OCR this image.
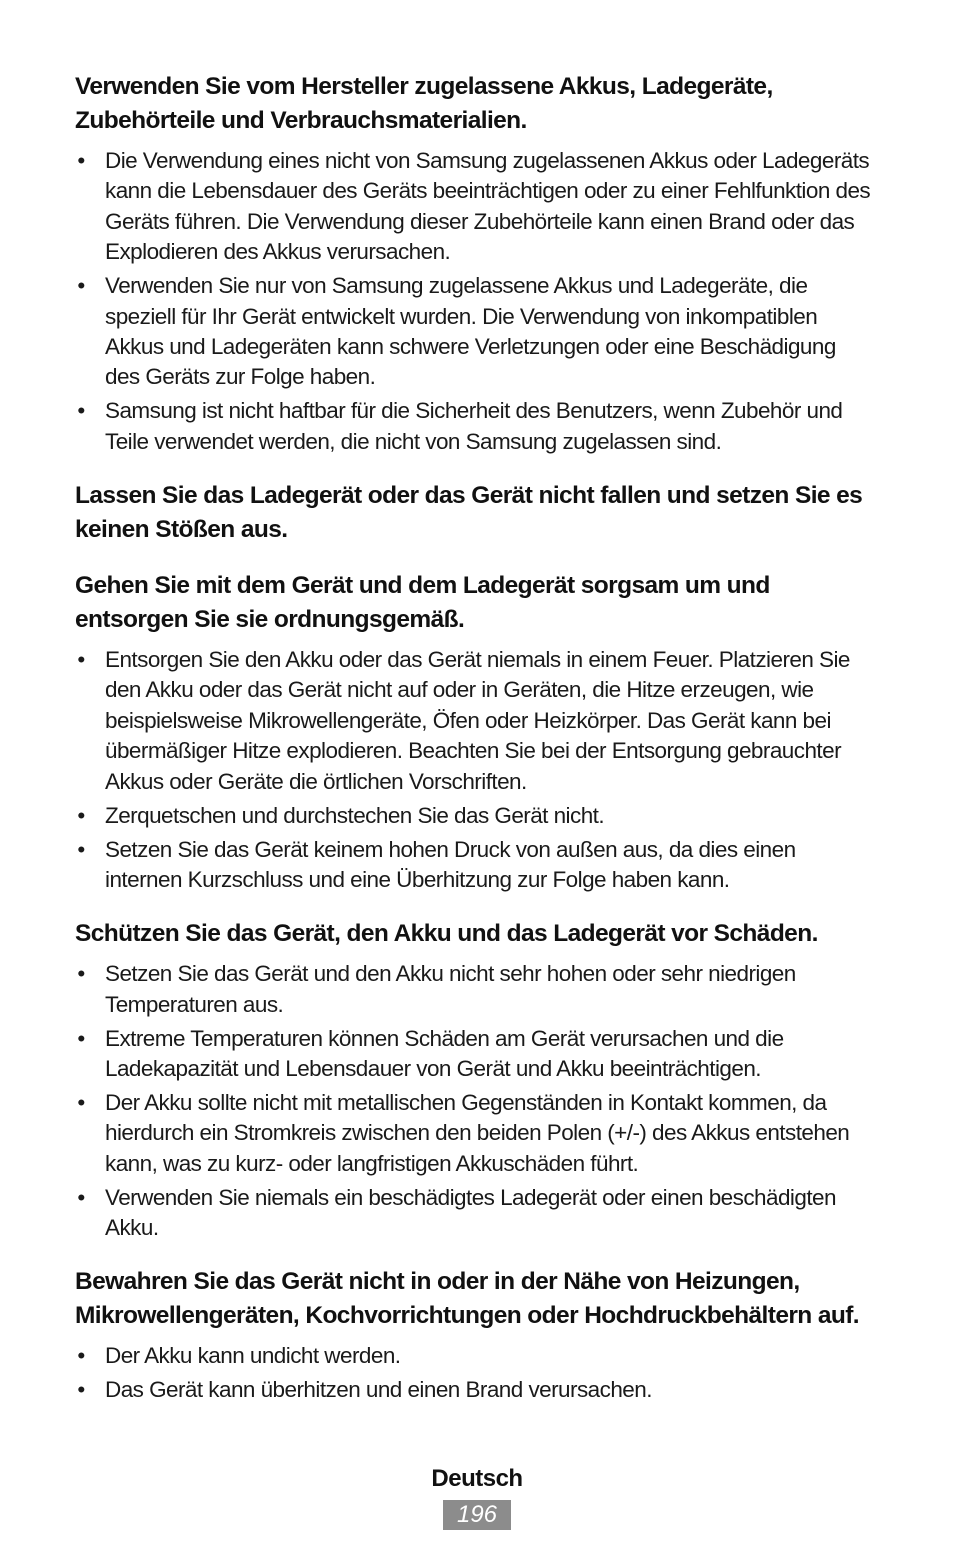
Verwenden Sie vom Hersteller zugelassene Akkus, Ladegeräte, Zubehörteile und Verbrauchsmaterialien.
• Die Verwendung eines nicht von Samsung zugelassenen Akkus oder Ladegeräts kann die Lebensdauer des Geräts beeinträchtigen oder zu einer Fehlfunktion des Geräts führen. Die Verwendung dieser Zubehörteile kann einen Brand oder das Explodieren des Akkus verursachen.
• Verwenden Sie nur von Samsung zugelassene Akkus und Ladegeräte, die speziell für Ihr Gerät entwickelt wurden. Die Verwendung von inkompatiblen Akkus und Ladegeräten kann schwere Verletzungen oder eine Beschädigung des Geräts zur Folge haben.
• Samsung ist nicht haftbar für die Sicherheit des Benutzers, wenn Zubehör und Teile verwendet werden, die nicht von Samsung zugelassen sind.
Lassen Sie das Ladegerät oder das Gerät nicht fallen und setzen Sie es keinen Stößen aus.
Gehen Sie mit dem Gerät und dem Ladegerät sorgsam um und entsorgen Sie sie ordnungsgemäß.
• Entsorgen Sie den Akku oder das Gerät niemals in einem Feuer. Platzieren Sie den Akku oder das Gerät nicht auf oder in Geräten, die Hitze erzeugen, wie beispielsweise Mikrowellengeräte, Öfen oder Heizkörper. Das Gerät kann bei übermäßiger Hitze explodieren. Beachten Sie bei der Entsorgung gebrauchter Akkus oder Geräte die örtlichen Vorschriften.
• Zerquetschen und durchstechen Sie das Gerät nicht.
• Setzen Sie das Gerät keinem hohen Druck von außen aus, da dies einen internen Kurzschluss und eine Überhitzung zur Folge haben kann.
Schützen Sie das Gerät, den Akku und das Ladegerät vor Schäden.
• Setzen Sie das Gerät und den Akku nicht sehr hohen oder sehr niedrigen Temperaturen aus.
• Extreme Temperaturen können Schäden am Gerät verursachen und die Ladekapazität und Lebensdauer von Gerät und Akku beeinträchtigen.
• Der Akku sollte nicht mit metallischen Gegenständen in Kontakt kommen, da hierdurch ein Stromkreis zwischen den beiden Polen (+/-) des Akkus entstehen kann, was zu kurz- oder langfristigen Akkuschäden führt.
• Verwenden Sie niemals ein beschädigtes Ladegerät oder einen beschädigten Akku.
Bewahren Sie das Gerät nicht in oder in der Nähe von Heizungen, Mikrowellengeräten, Kochvorrichtungen oder Hochdruckbehältern auf.
• Der Akku kann undicht werden.
• Das Gerät kann überhitzen und einen Brand verursachen.
Deutsch
196
